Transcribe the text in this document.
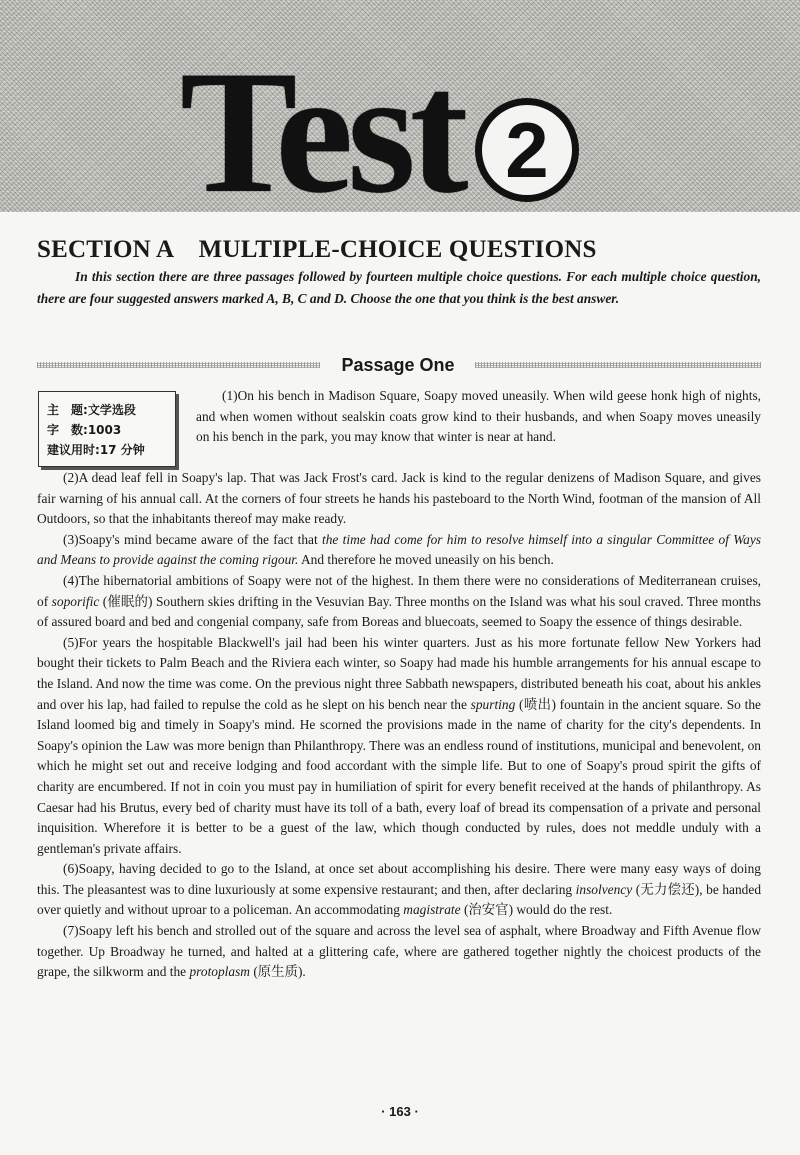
Test 2
SECTION A    MULTIPLE-CHOICE QUESTIONS
In this section there are three passages followed by fourteen multiple choice questions. For each multiple choice question, there are four suggested answers marked A, B, C and D. Choose the one that you think is the best answer.
Passage One
主　题:文学选段
字　数:1003
建议用时:17 分钟

(1)On his bench in Madison Square, Soapy moved uneasily. When wild geese honk high of nights, and when women without sealskin coats grow kind to their husbands, and when Soapy moves uneasily on his bench in the park, you may know that winter is near at hand.

(2)A dead leaf fell in Soapy's lap. That was Jack Frost's card. Jack is kind to the regular denizens of Madison Square, and gives fair warning of his annual call. At the corners of four streets he hands his pasteboard to the North Wind, footman of the mansion of All Outdoors, so that the inhabitants thereof may make ready.

(3)Soapy's mind became aware of the fact that the time had come for him to resolve himself into a singular Committee of Ways and Means to provide against the coming rigour. And therefore he moved uneasily on his bench.

(4)The hibernatorial ambitions of Soapy were not of the highest. In them there were no considerations of Mediterranean cruises, of soporific (催眠的) Southern skies drifting in the Vesuvian Bay. Three months on the Island was what his soul craved. Three months of assured board and bed and congenial company, safe from Boreas and bluecoats, seemed to Soapy the essence of things desirable.

(5)For years the hospitable Blackwell's jail had been his winter quarters. Just as his more fortunate fellow New Yorkers had bought their tickets to Palm Beach and the Riviera each winter, so Soapy had made his humble arrangements for his annual escape to the Island. And now the time was come. On the previous night three Sabbath newspapers, distributed beneath his coat, about his ankles and over his lap, had failed to repulse the cold as he slept on his bench near the spurting (喷出) fountain in the ancient square. So the Island loomed big and timely in Soapy's mind. He scorned the provisions made in the name of charity for the city's dependents. In Soapy's opinion the Law was more benign than Philanthropy. There was an endless round of institutions, municipal and benevolent, on which he might set out and receive lodging and food accordant with the simple life. But to one of Soapy's proud spirit the gifts of charity are encumbered. If not in coin you must pay in humiliation of spirit for every benefit received at the hands of philanthropy. As Caesar had his Brutus, every bed of charity must have its toll of a bath, every loaf of bread its compensation of a private and personal inquisition. Wherefore it is better to be a guest of the law, which though conducted by rules, does not meddle unduly with a gentleman's private affairs.

(6)Soapy, having decided to go to the Island, at once set about accomplishing his desire. There were many easy ways of doing this. The pleasantest was to dine luxuriously at some expensive restaurant; and then, after declaring insolvency (无力偿还), be handed over quietly and without uproar to a policeman. An accommodating magistrate (治安官) would do the rest.

(7)Soapy left his bench and strolled out of the square and across the level sea of asphalt, where Broadway and Fifth Avenue flow together. Up Broadway he turned, and halted at a glittering cafe, where are gathered together nightly the choicest products of the grape, the silkworm and the protoplasm (原生质).

· 163 ·
